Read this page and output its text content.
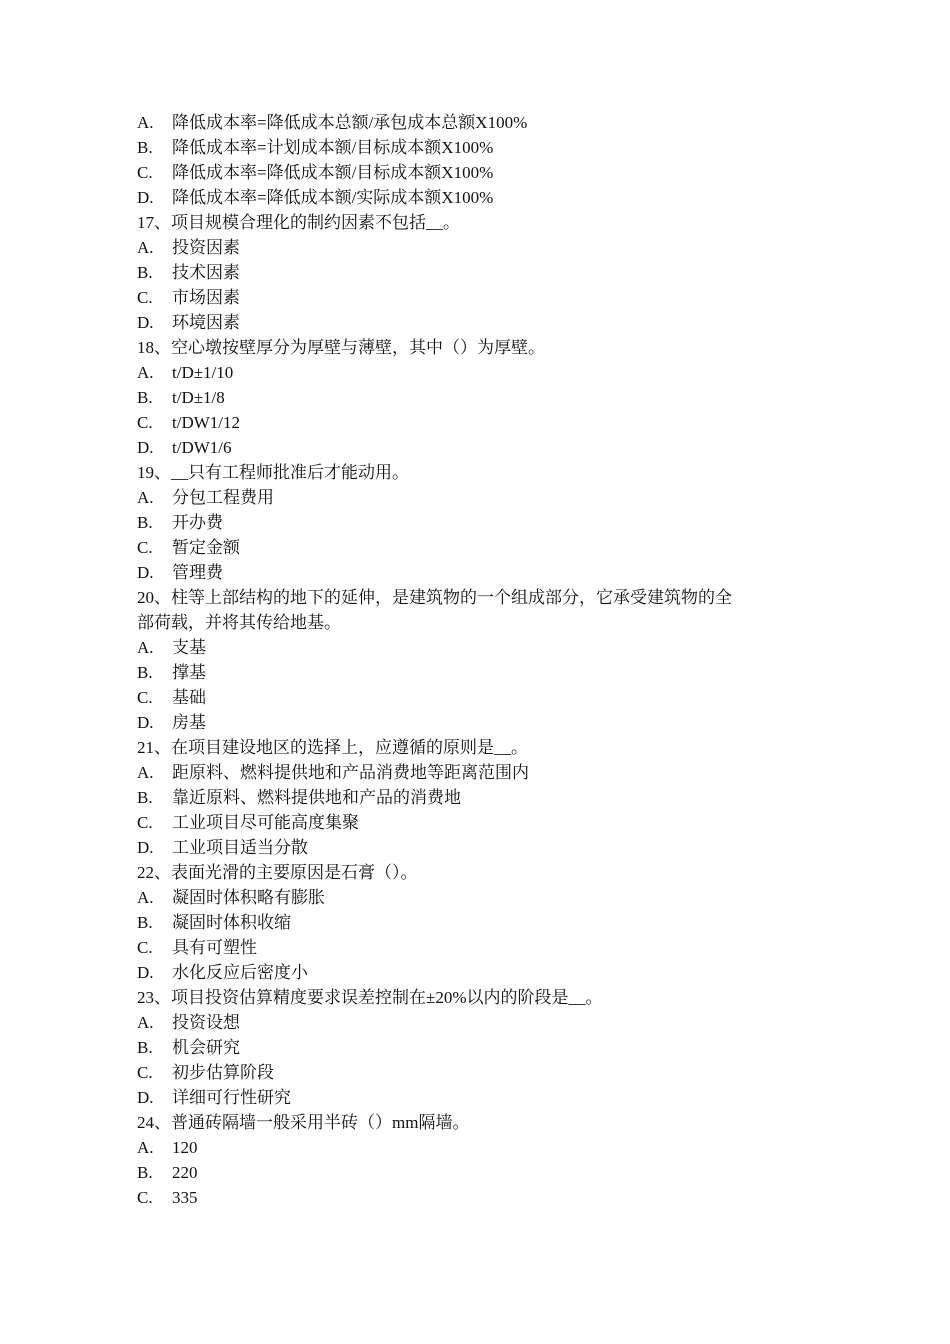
A. 降低成本率=降低成本总额/承包成本总额X100%
B. 降低成本率=计划成本额/目标成本额X100%
C. 降低成本率=降低成本额/目标成本额X100%
D. 降低成本率=降低成本额/实际成本额X100%
17、项目规模合理化的制约因素不包括__。
A. 投资因素
B. 技术因素
C. 市场因素
D. 环境因素
18、空心墩按壁厚分为厚壁与薄壁，其中（）为厚壁。
A. t/D±1/10
B. t/D±1/8
C. t/DW1/12
D. t/DW1/6
19、__只有工程师批准后才能动用。
A. 分包工程费用
B. 开办费
C. 暂定金额
D. 管理费
20、柱等上部结构的地下的延伸，是建筑物的一个组成部分，它承受建筑物的全
部荷载，并将其传给地基。
A. 支基
B. 撑基
C. 基础
D. 房基
21、在项目建设地区的选择上，应遵循的原则是__。
A. 距原料、燃料提供地和产品消费地等距离范围内
B. 靠近原料、燃料提供地和产品的消费地
C. 工业项目尽可能高度集聚
D. 工业项目适当分散
22、表面光滑的主要原因是石膏（）。
A. 凝固时体积略有膨胀
B. 凝固时体积收缩
C. 具有可塑性
D. 水化反应后密度小
23、项目投资估算精度要求误差控制在±20%以内的阶段是__。
A. 投资设想
B. 机会研究
C. 初步估算阶段
D. 详细可行性研究
24、普通砖隔墙一般采用半砖（）mm隔墙。
A. 120
B. 220
C. 335
